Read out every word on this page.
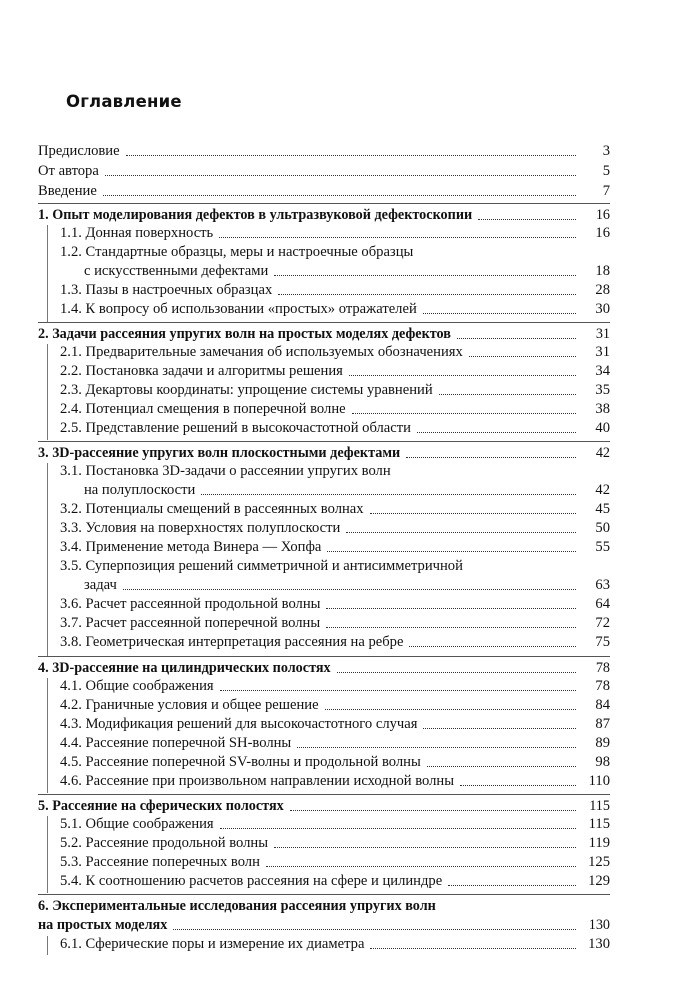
Оглавление
Предисловие	3
От автора	5
Введение	7
1. Опыт моделирования дефектов в ультразвуковой дефектоскопии	16
1.1. Донная поверхность	16
1.2. Стандартные образцы, меры и настроечные образцы
с искусственными дефектами	18
1.3. Пазы в настроечных образцах	28
1.4. К вопросу об использовании «простых» отражателей	30
2. Задачи рассеяния упругих волн на простых моделях дефектов	31
2.1. Предварительные замечания об используемых обозначениях	31
2.2. Постановка задачи и алгоритмы решения	34
2.3. Декартовы координаты: упрощение системы уравнений	35
2.4. Потенциал смещения в поперечной волне	38
2.5. Представление решений в высокочастотной области	40
3. 3D-рассеяние упругих волн плоскостными дефектами	42
3.1. Постановка 3D-задачи о рассеянии упругих волн
на полуплоскости	42
3.2. Потенциалы смещений в рассеянных волнах	45
3.3. Условия на поверхностях полуплоскости	50
3.4. Применение метода Винера — Хопфа	55
3.5. Суперпозиция решений симметричной и антисимметричной
задач	63
3.6. Расчет рассеянной продольной волны	64
3.7. Расчет рассеянной поперечной волны	72
3.8. Геометрическая интерпретация рассеяния на ребре	75
4. 3D-рассеяние на цилиндрических полостях	78
4.1. Общие соображения	78
4.2. Граничные условия и общее решение	84
4.3. Модификация решений для высокочастотного случая	87
4.4. Рассеяние поперечной SH-волны	89
4.5. Рассеяние поперечной SV-волны и продольной волны	98
4.6. Рассеяние при произвольном направлении исходной волны	110
5. Рассеяние на сферических полостях	115
5.1. Общие соображения	115
5.2. Рассеяние продольной волны	119
5.3. Рассеяние поперечных волн	125
5.4. К соотношению расчетов рассеяния на сфере и цилиндре	129
6. Экспериментальные исследования рассеяния упругих волн
на простых моделях	130
6.1. Сферические поры и измерение их диаметра	130
